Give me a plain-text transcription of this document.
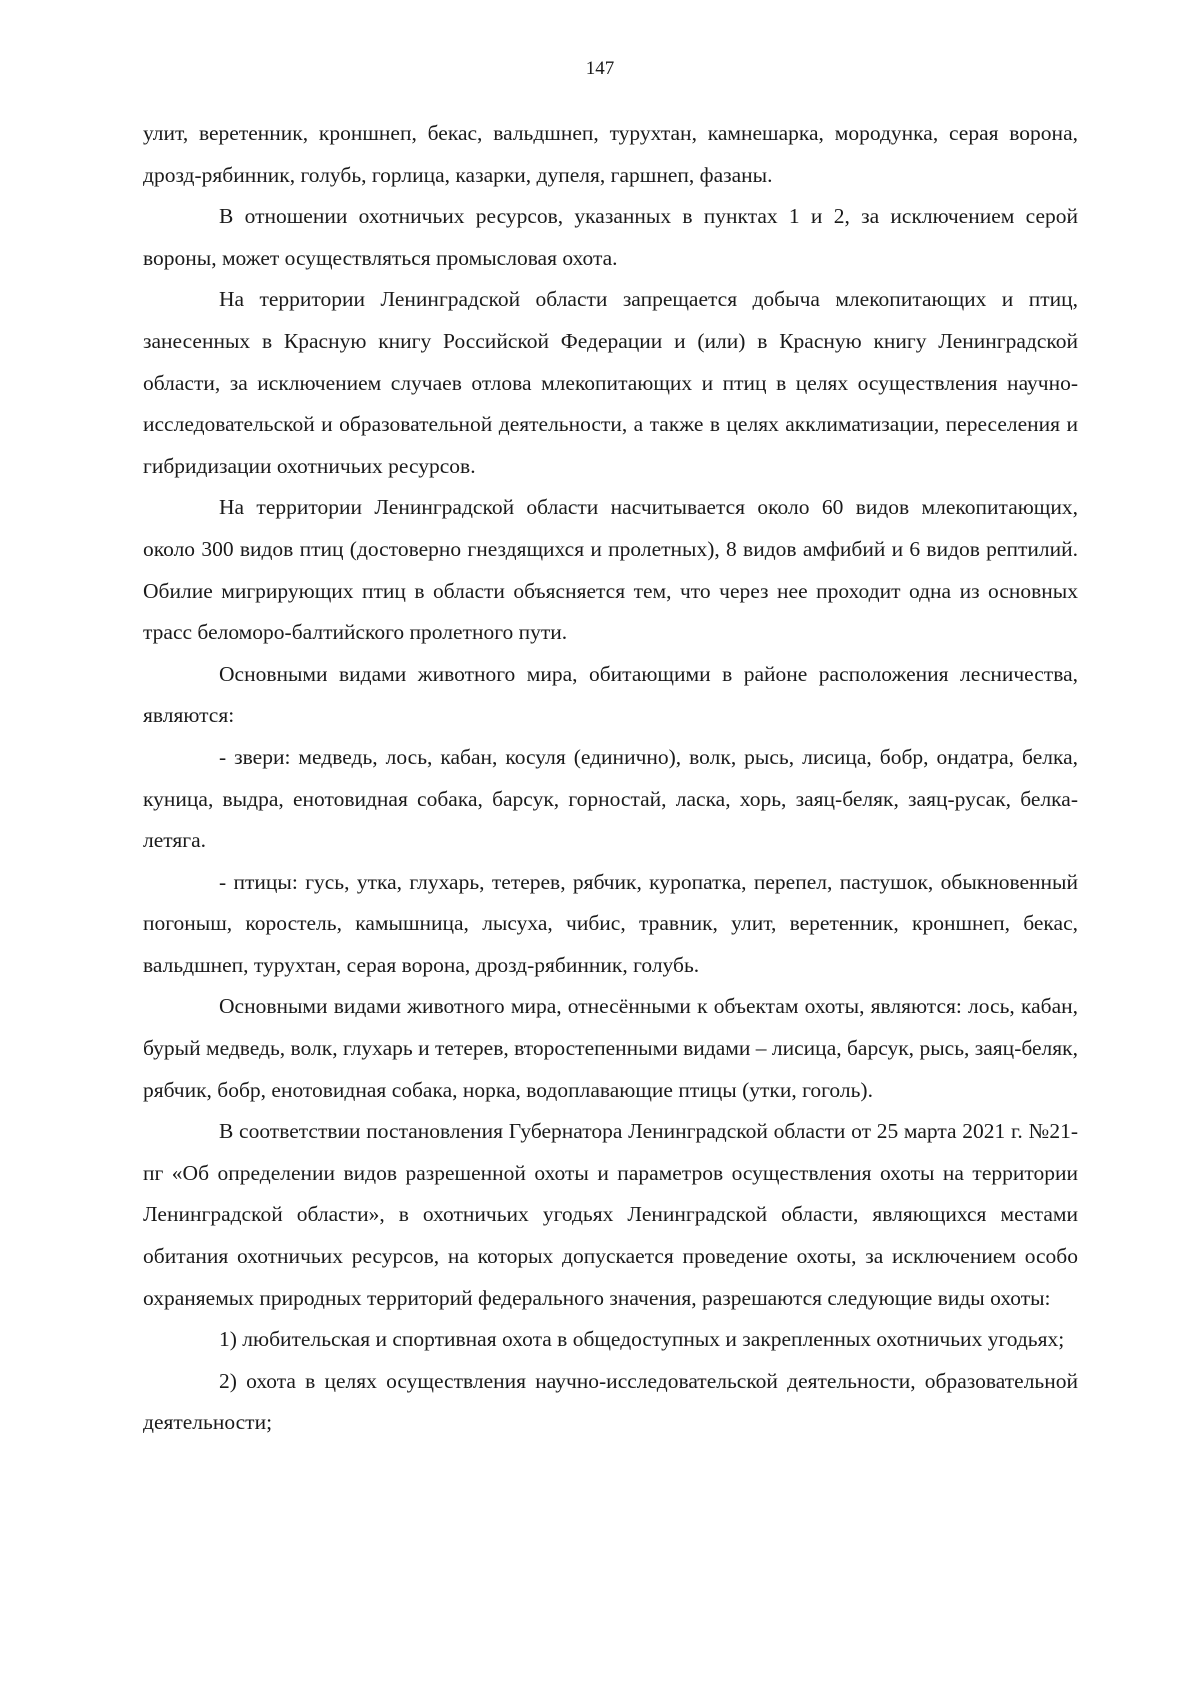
147

улит, веретенник, кроншнеп, бекас, вальдшнеп, турухтан, камнешарка, мородунка, серая ворона, дрозд-рябинник, голубь, горлица, казарки, дупеля, гаршнеп, фазаны.

В отношении охотничьих ресурсов, указанных в пунктах 1 и 2, за исключением серой вороны, может осуществляться промысловая охота.

На территории Ленинградской области запрещается добыча млекопитающих и птиц, занесенных в Красную книгу Российской Федерации и (или) в Красную книгу Ленинградской области, за исключением случаев отлова млекопитающих и птиц в целях осуществления научно-исследовательской и образовательной деятельности, а также в целях акклиматизации, переселения и гибридизации охотничьих ресурсов.

На территории Ленинградской области насчитывается около 60 видов млекопитающих, около 300 видов птиц (достоверно гнездящихся и пролетных), 8 видов амфибий и 6 видов рептилий. Обилие мигрирующих птиц в области объясняется тем, что через нее проходит одна из основных трасс беломоро-балтийского пролетного пути.

Основными видами животного мира, обитающими в районе расположения лесничества, являются:

- звери: медведь, лось, кабан, косуля (единично), волк, рысь, лисица, бобр, ондатра, белка, куница, выдра, енотовидная собака, барсук, горностай, ласка, хорь, заяц-беляк, заяц-русак, белка-летяга.

- птицы: гусь, утка, глухарь, тетерев, рябчик, куропатка, перепел, пастушок, обыкновенный погоныш, коростель, камышница, лысуха, чибис, травник, улит, веретенник, кроншнеп, бекас, вальдшнеп, турухтан, серая ворона, дрозд-рябинник, голубь.

Основными видами животного мира, отнесёнными к объектам охоты, являются: лось, кабан, бурый медведь, волк, глухарь и тетерев, второстепенными видами – лисица, барсук, рысь, заяц-беляк, рябчик, бобр, енотовидная собака, норка, водоплавающие птицы (утки, гоголь).

В соответствии постановления Губернатора Ленинградской области от 25 марта 2021 г. №21-пг «Об определении видов разрешенной охоты и параметров осуществления охоты на территории Ленинградской области», в охотничьих угодьях Ленинградской области, являющихся местами обитания охотничьих ресурсов, на которых допускается проведение охоты, за исключением особо охраняемых природных территорий федерального значения, разрешаются следующие виды охоты:

1) любительская и спортивная охота в общедоступных и закрепленных охотничьих угодьях;

2) охота в целях осуществления научно-исследовательской деятельности, образовательной деятельности;
